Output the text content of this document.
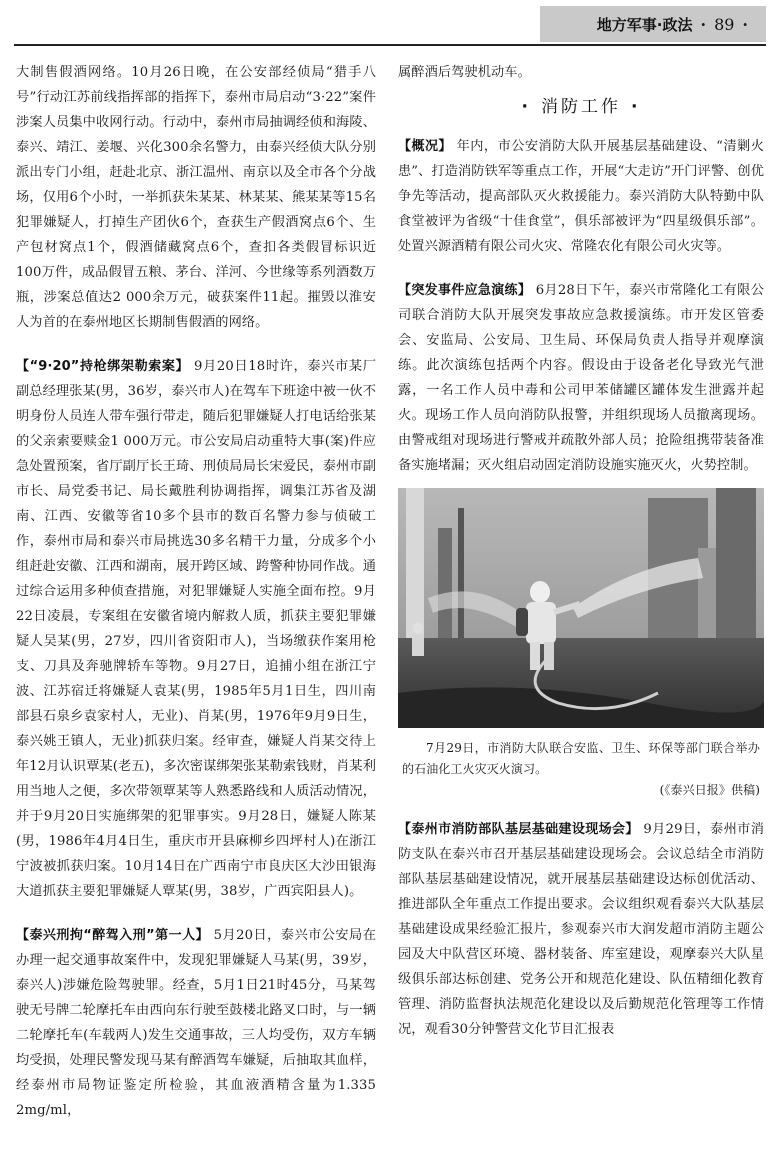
地方军事·政法 · 89 ·

大制售假酒网络。10月26日晚，在公安部经侦局“猎手八号”行动江苏前线指挥部的指挥下，泰州市局启动“3·22”案件涉案人员集中收网行动。行动中，泰州市局抽调经侦和海陵、泰兴、靖江、姜堰、兴化300余名警力，由泰兴经侦大队分别派出专门小组，赶赴北京、浙江温州、南京以及全市各个分战场，仅用6个小时，一举抓获朱某某、林某某、熊某某等15名犯罪嫌疑人，打掉生产团伙6个，查获生产假酒窝点6个、生产包材窝点1个，假酒储藏窝点6个，查扣各类假冒标识近100万件，成品假冒五粮、茅台、洋河、今世缘等系列酒数万瓶，涉案总值达2 000余万元，破获案件11起。摧毁以淮安人为首的在泰州地区长期制售假酒的网络。

【“9·20”持枪绑架勒索案】 9月20日18时许，泰兴市某厂副总经理张某(男，36岁，泰兴市人)在驾车下班途中被一伙不明身份人员连人带车强行带走，随后犯罪嫌疑人打电话给张某的父亲索要赎金1 000万元。市公安局启动重特大事(案)件应急处置预案，省厅副厅长王琦、刑侦局局长宋爱民，泰州市副市长、局党委书记、局长戴胜利协调指挥，调集江苏省及湖南、江西、安徽等省10多个县市的数百名警力参与侦破工作，泰州市局和泰兴市局挑选30多名精干力量，分成多个小组赶赴安徽、江西和湖南，展开跨区域、跨警种协同作战。通过综合运用多种侦查措施，对犯罪嫌疑人实施全面布控。9月22日凌晨，专案组在安徽省境内解救人质，抓获主要犯罪嫌疑人吴某(男，27岁，四川省资阳市人)，当场缴获作案用枪支、刀具及奔驰牌轿车等物。9月27日，追捕小组在浙江宁波、江苏宿迁将嫌疑人袁某(男，1985年5月1日生，四川南部县石泉乡袁家村人，无业)、肖某(男，1976年9月9日生，泰兴姚王镇人，无业)抓获归案。经审查，嫌疑人肖某交待上年12月认识覃某(老五)，多次密谋绑架张某勒索钱财，肖某利用当地人之便，多次带领覃某等人熟悉路线和人质活动情况，并于9月20日实施绑架的犯罪事实。9月28日，嫌疑人陈某(男，1986年4月4日生，重庆市开县麻柳乡四坪村人)在浙江宁波被抓获归案。10月14日在广西南宁市良庆区大沙田银海大道抓获主要犯罪嫌疑人覃某(男，38岁，广西宾阳县人)。

【泰兴刑拘“醉驾入刑”第一人】 5月20日，泰兴市公安局在办理一起交通事故案件中，发现犯罪嫌疑人马某(男，39岁，泰兴人)涉嫌危险驾驶罪。经查，5月1日21时45分，马某驾驶无号牌二轮摩托车由西向东行驶至鼓楼北路叉口时，与一辆二轮摩托车(车载两人)发生交通事故，三人均受伤，双方车辆均受损，处理民警发现马某有醉酒驾车嫌疑，后抽取其血样，经泰州市局物证鉴定所检验，其血液酒精含量为1.335 2mg/ml，

属醉酒后驾驶机动车。

· 消防工作 ·

【概况】 年内，市公安消防大队开展基层基础建设、“清剿火患”、打造消防铁军等重点工作，开展“大走访”开门评警、创优争先等活动，提高部队灭火救援能力。泰兴消防大队特勤中队食堂被评为省级“十佳食堂”，俱乐部被评为“四星级俱乐部”。处置兴源酒精有限公司火灾、常隆农化有限公司火灾等。

【突发事件应急演练】 6月28日下午，泰兴市常隆化工有限公司联合消防大队开展突发事故应急救援演练。市开发区管委会、安监局、公安局、卫生局、环保局负责人指导并观摩演练。此次演练包括两个内容。假设由于设备老化导致光气泄露，一名工作人员中毒和公司甲苯储罐区罐体发生泄露并起火。现场工作人员向消防队报警，并组织现场人员撤离现场。由警戒组对现场进行警戒并疏散外部人员；抢险组携带装备准备实施堵漏；灭火组启动固定消防设施实施灭火，火势控制。

7月29日，市消防大队联合安监、卫生、环保等部门联合举办的石油化工火灾灭火演习。
(《泰兴日报》供稿)

【泰州市消防部队基层基础建设现场会】 9月29日，泰州市消防支队在泰兴市召开基层基础建设现场会。会议总结全市消防部队基层基础建设情况，就开展基层基础建设达标创优活动、推进部队全年重点工作提出要求。会议组织观看泰兴大队基层基础建设成果经验汇报片，参观泰兴市大润发超市消防主题公园及大中队营区环境、器材装备、库室建设，观摩泰兴大队星级俱乐部达标创建、党务公开和规范化建设、队伍精细化教育管理、消防监督执法规范化建设以及后勤规范化管理等工作情况，观看30分钟警营文化节目汇报表
